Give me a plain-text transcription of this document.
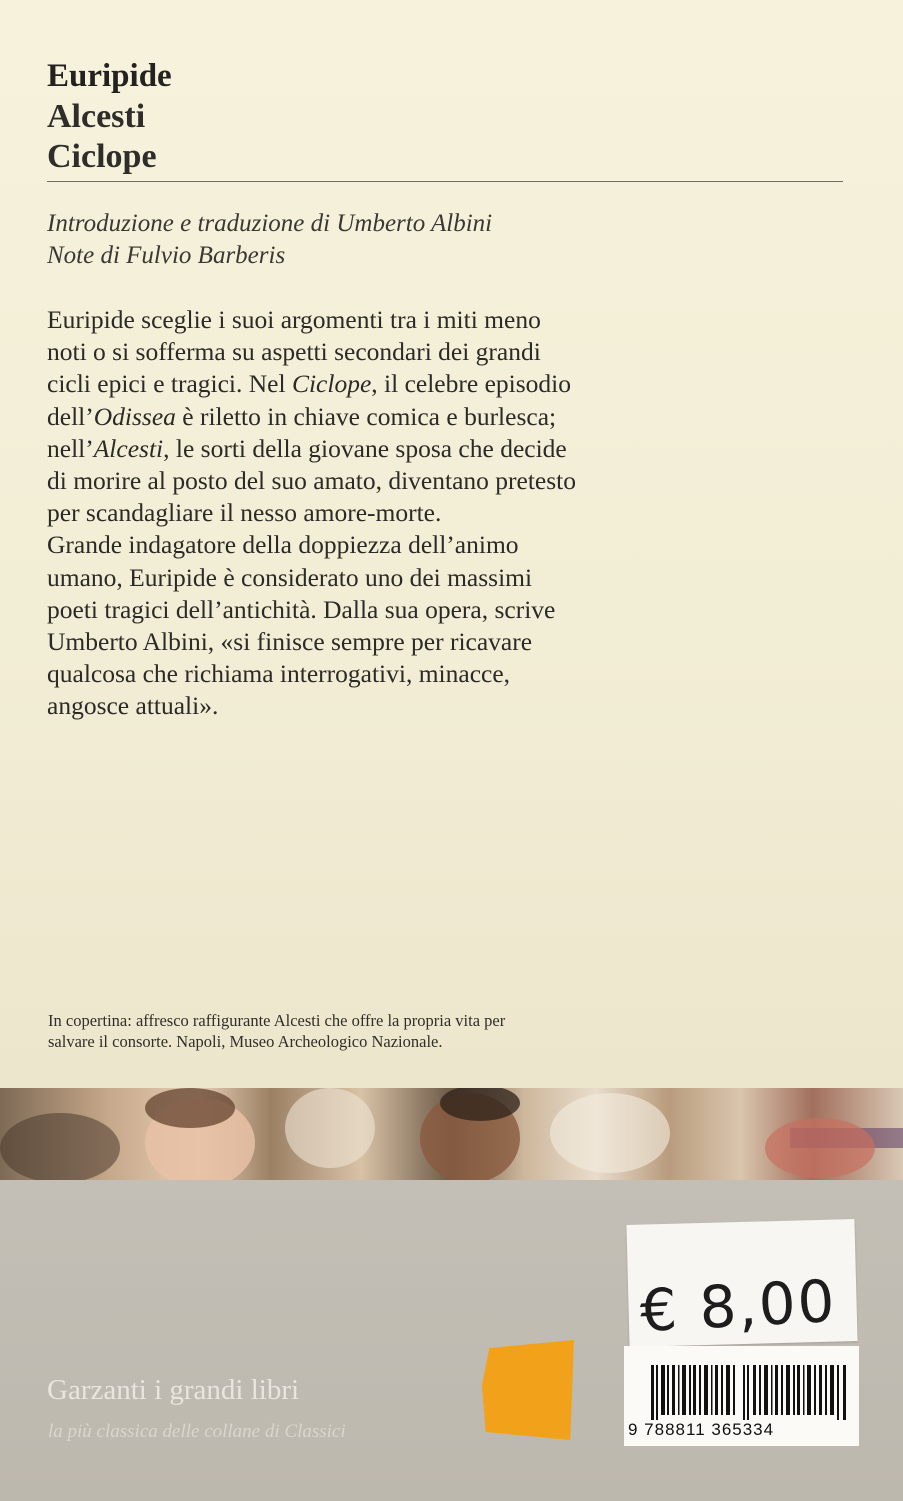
Euripide
Alcesti
Ciclope

Introduzione e traduzione di Umberto Albini

Note di Fulvio Barberis

Euripide sceglie i suoi argomenti tra i miti meno
noti o si sofferma su aspetti secondari dei grandi
cicli epici e tragici. Nel Ciclope, il celebre episodio
dell’Odissea è riletto in chiave comica e burlesca;
nell’Alcesti, le sorti della giovane sposa che decide
di morire al posto del suo amato, diventano pretesto
per scandagliare il nesso amore-morte.
Grande indagatore della doppiezza dell’animo
umano, Euripide è considerato uno dei massimi
poeti tragici dell’antichità. Dalla sua opera, scrive
Umberto Albini, «si finisce sempre per ricavare
qualcosa che richiama interrogativi, minacce,
angosce attuali».
In copertina: affresco raffigurante Alcesti che offre la propria vita per
salvare il consorte. Napoli, Museo Archeologico Nazionale.

Garzanti i grandi libri

la più classica delle collane di Classici

€ 8,00

9 788811 365334
